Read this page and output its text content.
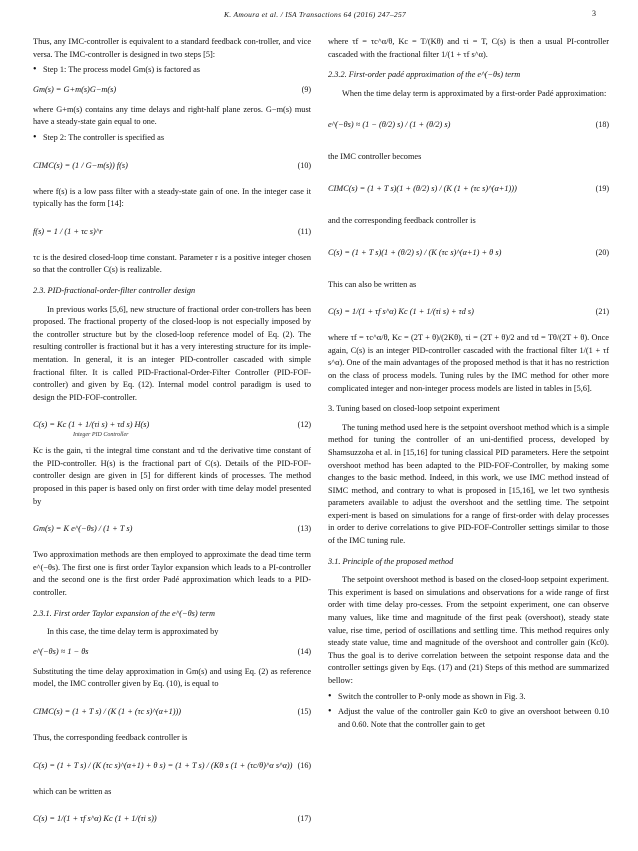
K. Amoura et al. / ISA Transactions 64 (2016) 247–257	3

Thus, any IMC-controller is equivalent to a standard feedback con-troller, and vice versa. The IMC-controller is designed in two steps [5]:

• Step 1: The process model Gm(s) is factored as
Gm(s) = G+m(s)G−m(s)	(9)

where G+m(s) contains any time delays and right-half plane zeros. G−m(s) must have a steady-state gain equal to one.

• Step 2: The controller is specified as
CIMC(s) = (1 / G−m(s)) f(s)	(10)

where f(s) is a low pass filter with a steady-state gain of one. In the integer case it typically has the form [14]:

f(s) = 1 / (1 + τc s)^r	(11)

τc is the desired closed-loop time constant. Parameter r is a positive integer chosen so that the controller C(s) is realizable.

2.3. PID-fractional-order-filter controller design

In previous works [5,6], new structure of fractional order con-trollers has been proposed. The fractional property of the closed-loop is not especially imposed by the controller structure but by the closed-loop reference model of Eq. (2). The resulting controller is fractional but it has a very interesting structure for its imple-mentation. In general, it is an integer PID-controller cascaded with simple fractional filter. It is called PID-Fractional-Order-Filter Controller (PID-FOF-controller) and given by Eq. (12). Internal model control paradigm is used to design the PID-FOF-controller.

C(s) = Kc (1 + 1/(τi s) + τd s) H(s)
Integer PID Controller
(12)

Kc is the gain, τi the integral time constant and τd the derivative time constant of the PID-controller. H(s) is the fractional part of C(s). Details of the PID-FOF-controller design are given in [5] for different kinds of processes. The method proposed in this paper is based only on first order with time delay model presented by

Gm(s) = K e^(−θs) / (1 + T s)	(13)

Two approximation methods are then employed to approximate the dead time term e^(−θs). The first one is first order Taylor expansion which leads to a PI-controller and the second one is the first order Padé approximation which leads to a PID-controller.

2.3.1. First order Taylor expansion of the e^(−θs) term

In this case, the time delay term is approximated by

e^(−θs) ≈ 1 − θs	(14)

Substituting the time delay approximation in Gm(s) and using Eq. (2) as reference model, the IMC controller given by Eq. (10), is equal to

CIMC(s) = (1 + T s) / (K (1 + (τc s)^(α+1)))	(15)

Thus, the corresponding feedback controller is

C(s) = (1 + T s) / (K (τc s)^(α+1) + θ s) = (1 + T s) / (Kθ s (1 + (τc/θ)^α s^α)) (16)

which can be written as

C(s) = 1/(1 + τf s^α) Kc (1 + 1/(τi s))	(17)

where τf = τc^α/θ, Kc = T/(Kθ) and τi = T, C(s) is then a usual PI-controller cascaded with the fractional filter 1/(1 + τf s^α).

2.3.2. First-order padé approximation of the e^(−θs) term

When the time delay term is approximated by a first-order Padé approximation:

e^(−θs) ≈ (1 − (θ/2) s) / (1 + (θ/2) s)	(18)

the IMC controller becomes

CIMC(s) = (1 + T s)(1 + (θ/2) s) / (K (1 + (τc s)^(α+1)))	(19)

and the corresponding feedback controller is

C(s) = (1 + T s)(1 + (θ/2) s) / (K (τc s)^(α+1) + θ s)	(20)

This can also be written as

C(s) = 1/(1 + τf s^α) Kc (1 + 1/(τi s) + τd s)	(21)

where τf = τc^α/θ, Kc = (2T + θ)/(2Kθ), τi = (2T + θ)/2 and τd = Tθ/(2T + θ). Once again, C(s) is an integer PID-controller cascaded with the fractional filter 1/(1 + τf s^α). One of the main advantages of the proposed method is that it has no restriction on the class of process models. Tuning rules by the IMC method for other more complicated integer and non-integer process models are listed in tables in [5,6].

3. Tuning based on closed-loop setpoint experiment

The tuning method used here is the setpoint overshoot method which is a simple method for tuning the controller of an uni-dentified process, developed by Shamsuzzoha et al. in [15,16] for tuning classical PID parameters. Here the setpoint overshoot method has been adapted to the PID-FOF-Controller, by making some changes to the basic method. Indeed, in this work, we use IMC method instead of SIMC method, and contrary to what is proposed in [15,16], we let two synthesis parameters available to adjust the overshoot and the settling time. The setpoint experi-ment is based on simulations for a range of first-order with delay processes in order to derive correlations to give PID-FOF-Controller settings similar to those of the IMC tuning rule.

3.1. Principle of the proposed method

The setpoint overshoot method is based on the closed-loop setpoint experiment. This experiment is based on simulations and observations for a wide range of first order with time delay pro-cesses. From the setpoint experiment, one can observe many values, like time and magnitude of the first peak (overshoot), steady state value, rise time, period of oscillations and settling time. This method requires only steady state value, time and magnitude of the overshoot and controller gain (Kc0). Thus the goal is to derive correlation between the setpoint response data and the controller settings given by Eqs. (17) and (21) Steps of this method are summarized bellow:

• Switch the controller to P-only mode as shown in Fig. 3.
• Adjust the value of the controller gain Kc0 to give an overshoot between 0.10 and 0.60. Note that the controller gain to get
